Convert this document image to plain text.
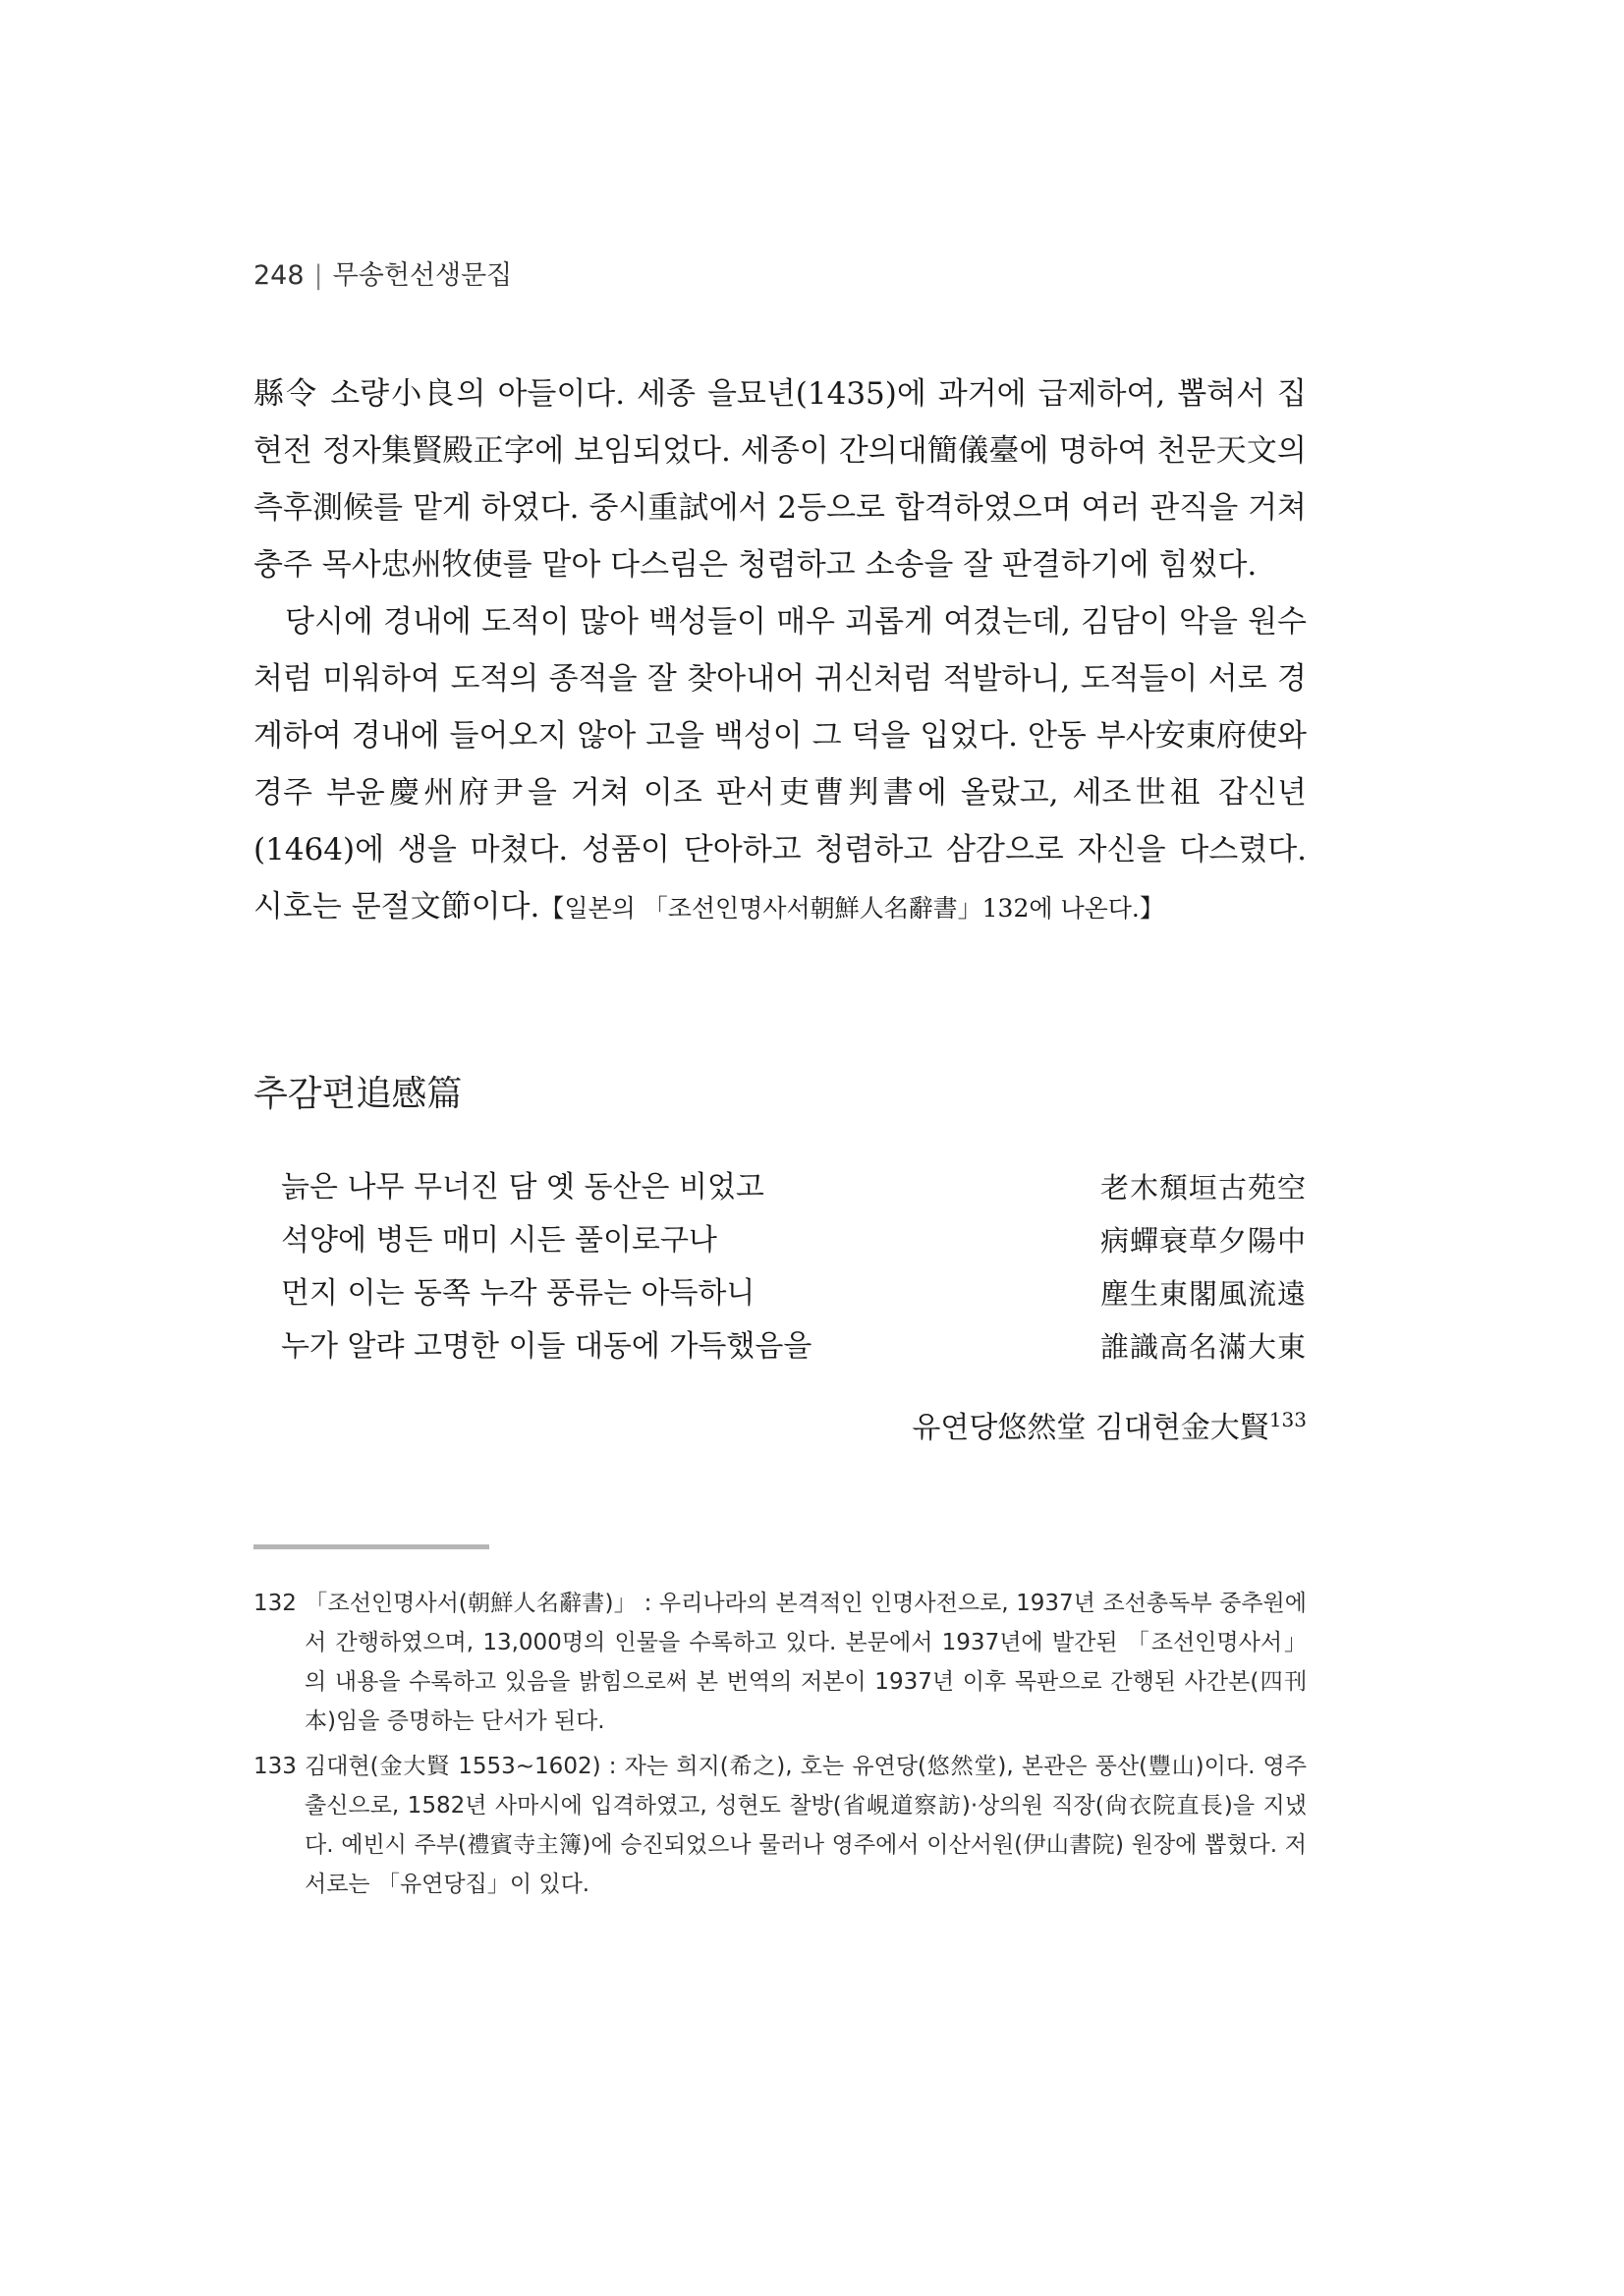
248 | 무송헌선생문집

縣令 소량小良의 아들이다. 세종 을묘년(1435)에 과거에 급제하여, 뽑혀서 집현전 정자集賢殿正字에 보임되었다. 세종이 간의대簡儀臺에 명하여 천문天文의 측후測候를 맡게 하였다. 중시重試에서 2등으로 합격하였으며 여러 관직을 거쳐 충주 목사忠州牧使를 맡아 다스림은 청렴하고 소송을 잘 판결하기에 힘썼다.

당시에 경내에 도적이 많아 백성들이 매우 괴롭게 여겼는데, 김담이 악을 원수처럼 미워하여 도적의 종적을 잘 찾아내어 귀신처럼 적발하니, 도적들이 서로 경계하여 경내에 들어오지 않아 고을 백성이 그 덕을 입었다. 안동 부사安東府使와 경주 부윤慶州府尹을 거쳐 이조 판서吏曹判書에 올랐고, 세조世祖 갑신년(1464)에 생을 마쳤다. 성품이 단아하고 청렴하고 삼감으로 자신을 다스렸다. 시호는 문절文節이다.【일본의 「조선인명사서朝鮮人名辭書」132에 나온다.】

추감편追感篇
늙은 나무 무너진 담 옛 동산은 비었고	老木頹垣古苑空
석양에 병든 매미 시든 풀이로구나	病蟬衰草夕陽中
먼지 이는 동쪽 누각 풍류는 아득하니	塵生東閣風流遠
누가 알랴 고명한 이들 대동에 가득했음을	誰識高名滿大東
유연당悠然堂 김대현金大賢$^{133}$

132 「조선인명사서(朝鮮人名辭書)」 : 우리나라의 본격적인 인명사전으로, 1937년 조선총독부 중추원에서 간행하였으며, 13,000명의 인물을 수록하고 있다. 본문에서 1937년에 발간된 「조선인명사서」의 내용을 수록하고 있음을 밝힘으로써 본 번역의 저본이 1937년 이후 목판으로 간행된 사간본(四刊本)임을 증명하는 단서가 된다.

133 김대현(金大賢 1553~1602) : 자는 희지(希之), 호는 유연당(悠然堂), 본관은 풍산(豐山)이다. 영주 출신으로, 1582년 사마시에 입격하였고, 성현도 찰방(省峴道察訪)·상의원 직장(尙衣院直長)을 지냈다. 예빈시 주부(禮賓寺主簿)에 승진되었으나 물러나 영주에서 이산서원(伊山書院) 원장에 뽑혔다. 저서로는 「유연당집」이 있다.
